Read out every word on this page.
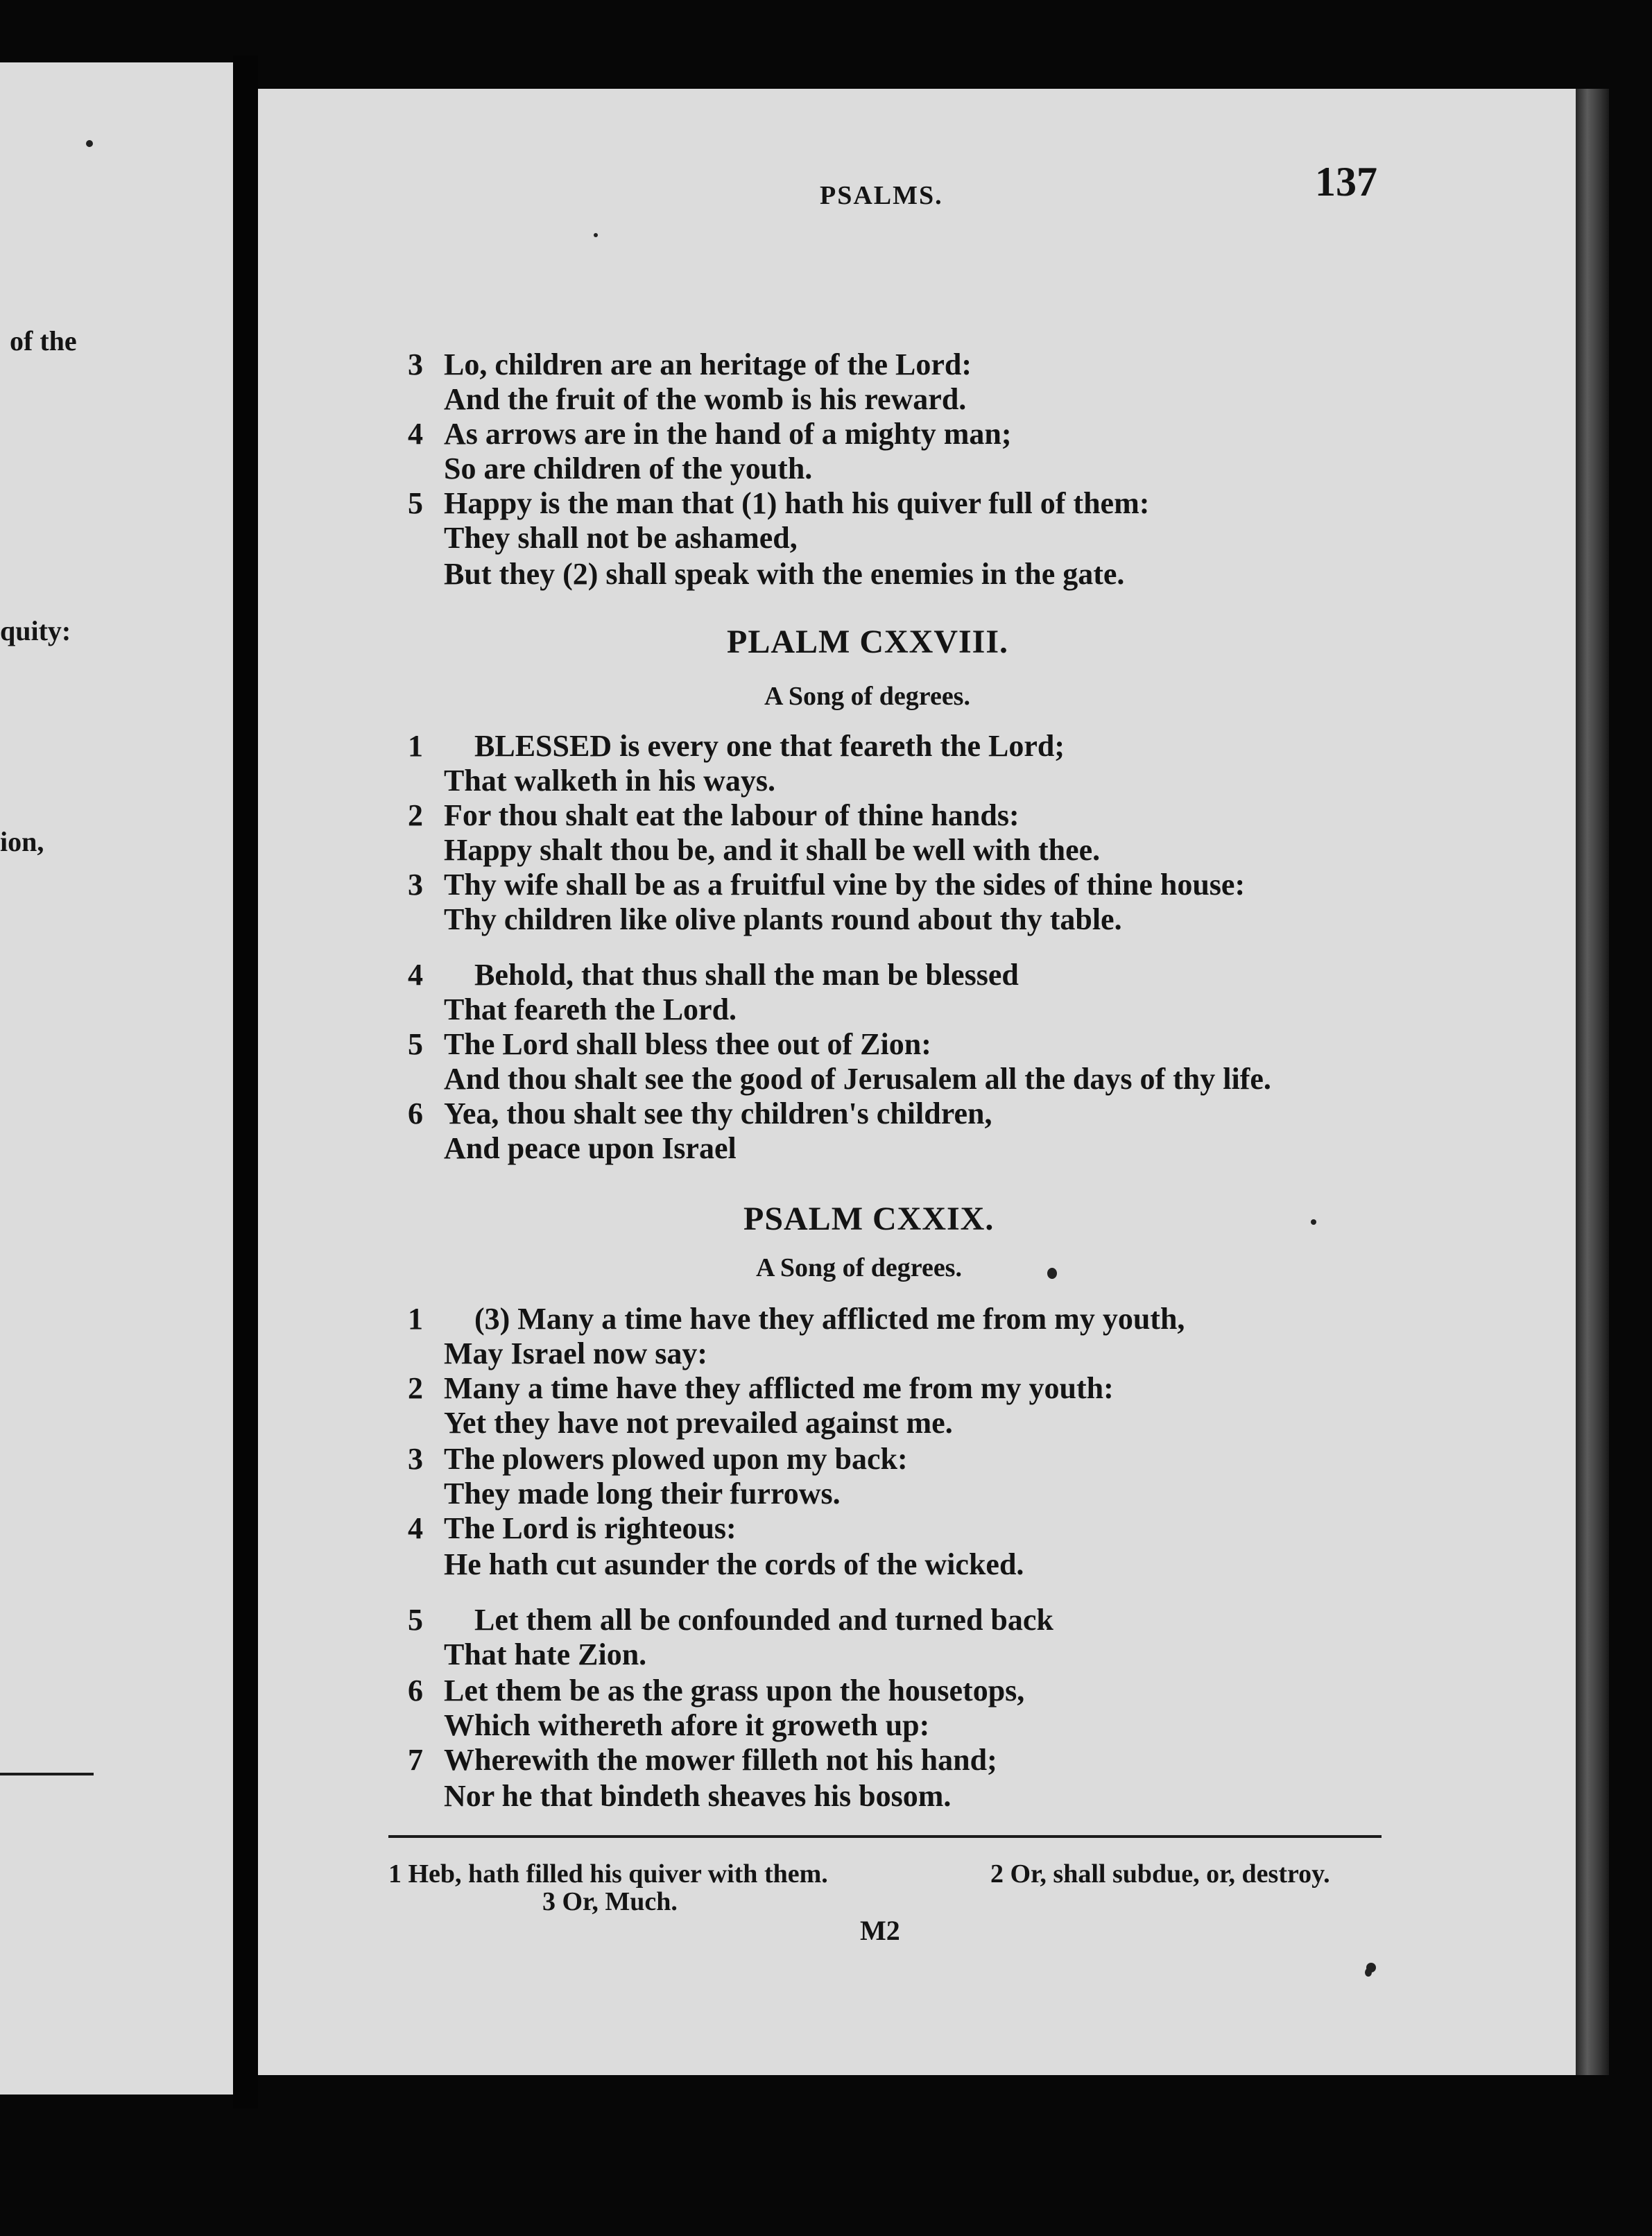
of the
quity:
ion,
PSALMS.	137
3 Lo, children are an heritage of the Lord:
And the fruit of the womb is his reward.
4 As arrows are in the hand of a mighty man;
So are children of the youth.
5 Happy is the man that (1) hath his quiver full of them:
They shall not be ashamed,
But they (2) shall speak with the enemies in the gate.
PLALM CXXVIII.
A Song of degrees.
1 BLESSED is every one that feareth the Lord;
That walketh in his ways.
2 For thou shalt eat the labour of thine hands:
Happy shalt thou be, and it shall be well with thee.
3 Thy wife shall be as a fruitful vine by the sides of thine house:
Thy children like olive plants round about thy table.
4 Behold, that thus shall the man be blessed
That feareth the Lord.
5 The Lord shall bless thee out of Zion:
And thou shalt see the good of Jerusalem all the days of thy life.
6 Yea, thou shalt see thy children's children,
And peace upon Israel
PSALM CXXIX.
A Song of degrees.
1 (3) Many a time have they afflicted me from my youth,
May Israel now say:
2 Many a time have they afflicted me from my youth:
Yet they have not prevailed against me.
3 The plowers plowed upon my back:
They made long their furrows.
4 The Lord is righteous:
He hath cut asunder the cords of the wicked.
5 Let them all be confounded and turned back
That hate Zion.
6 Let them be as the grass upon the housetops,
Which withereth afore it groweth up:
7 Wherewith the mower filleth not his hand;
Nor he that bindeth sheaves his bosom.
1 Heb, hath filled his quiver with them.	2 Or, shall subdue, or, destroy.
3 Or, Much.
M2
